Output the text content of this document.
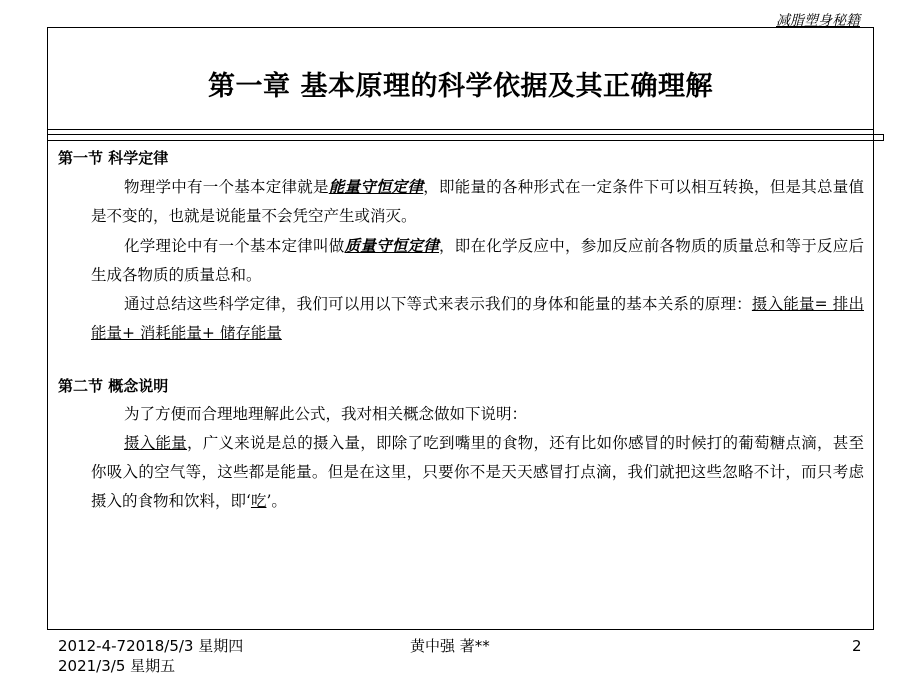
减脂塑身秘籍
第一章 基本原理的科学依据及其正确理解
第一节 科学定律

物理学中有一个基本定律就是能量守恒定律，即能量的各种形式在一定条件下可以相互转换，但是其总量值是不变的，也就是说能量不会凭空产生或消灭。

化学理论中有一个基本定律叫做质量守恒定律，即在化学反应中，参加反应前各物质的质量总和等于反应后生成各物质的质量总和。

通过总结这些科学定律，我们可以用以下等式来表示我们的身体和能量的基本关系的原理：摄入能量= 排出能量+ 消耗能量+ 储存能量

第二节 概念说明

为了方便而合理地理解此公式，我对相关概念做如下说明：

摄入能量，广义来说是总的摄入量，即除了吃到嘴里的食物，还有比如你感冒的时候打的葡萄糖点滴，甚至你吸入的空气等，这些都是能量。但是在这里，只要你不是天天感冒打点滴，我们就把这些忽略不计，而只考虑摄入的食物和饮料，即‘吃’。

2012-4-72018/5/3 星期四2021/3/5 星期五
黄中强 著**	2
